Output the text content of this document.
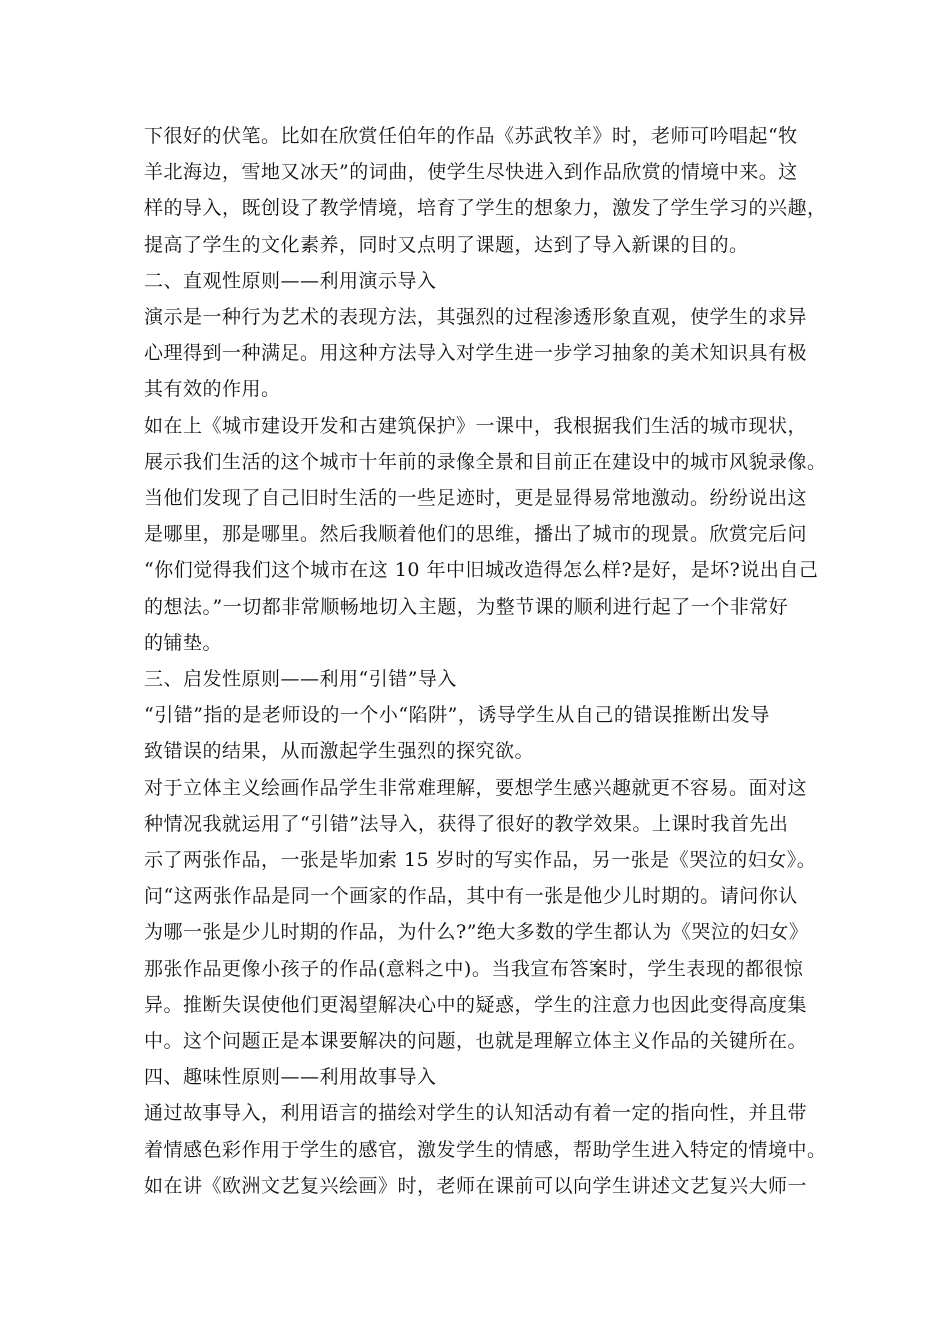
下很好的伏笔。比如在欣赏任伯年的作品《苏武牧羊》时，老师可吟唱起“牧
羊北海边，雪地又冰天”的词曲，使学生尽快进入到作品欣赏的情境中来。这
样的导入，既创设了教学情境，培育了学生的想象力，激发了学生学习的兴趣，
提高了学生的文化素养，同时又点明了课题，达到了导入新课的目的。
二、直观性原则——利用演示导入
演示是一种行为艺术的表现方法，其强烈的过程渗透形象直观，使学生的求异
心理得到一种满足。用这种方法导入对学生进一步学习抽象的美术知识具有极
其有效的作用。
如在上《城市建设开发和古建筑保护》一课中，我根据我们生活的城市现状，
展示我们生活的这个城市十年前的录像全景和目前正在建设中的城市风貌录像。
当他们发现了自己旧时生活的一些足迹时，更是显得易常地激动。纷纷说出这
是哪里，那是哪里。然后我顺着他们的思维，播出了城市的现景。欣赏完后问
“你们觉得我们这个城市在这 10 年中旧城改造得怎么样?是好，是坏?说出自己
的想法。”一切都非常顺畅地切入主题，为整节课的顺利进行起了一个非常好
的铺垫。
三、启发性原则——利用“引错”导入
“引错”指的是老师设的一个小“陷阱”，诱导学生从自己的错误推断出发导
致错误的结果，从而激起学生强烈的探究欲。
对于立体主义绘画作品学生非常难理解，要想学生感兴趣就更不容易。面对这
种情况我就运用了“引错”法导入，获得了很好的教学效果。上课时我首先出
示了两张作品，一张是毕加索 15 岁时的写实作品，另一张是《哭泣的妇女》。
问“这两张作品是同一个画家的作品，其中有一张是他少儿时期的。请问你认
为哪一张是少儿时期的作品，为什么?”绝大多数的学生都认为《哭泣的妇女》
那张作品更像小孩子的作品(意料之中)。当我宣布答案时，学生表现的都很惊
异。推断失误使他们更渴望解决心中的疑惑，学生的注意力也因此变得高度集
中。这个问题正是本课要解决的问题，也就是理解立体主义作品的关键所在。
四、趣味性原则——利用故事导入
通过故事导入，利用语言的描绘对学生的认知活动有着一定的指向性，并且带
着情感色彩作用于学生的感官，激发学生的情感，帮助学生进入特定的情境中。
如在讲《欧洲文艺复兴绘画》时，老师在课前可以向学生讲述文艺复兴大师一
